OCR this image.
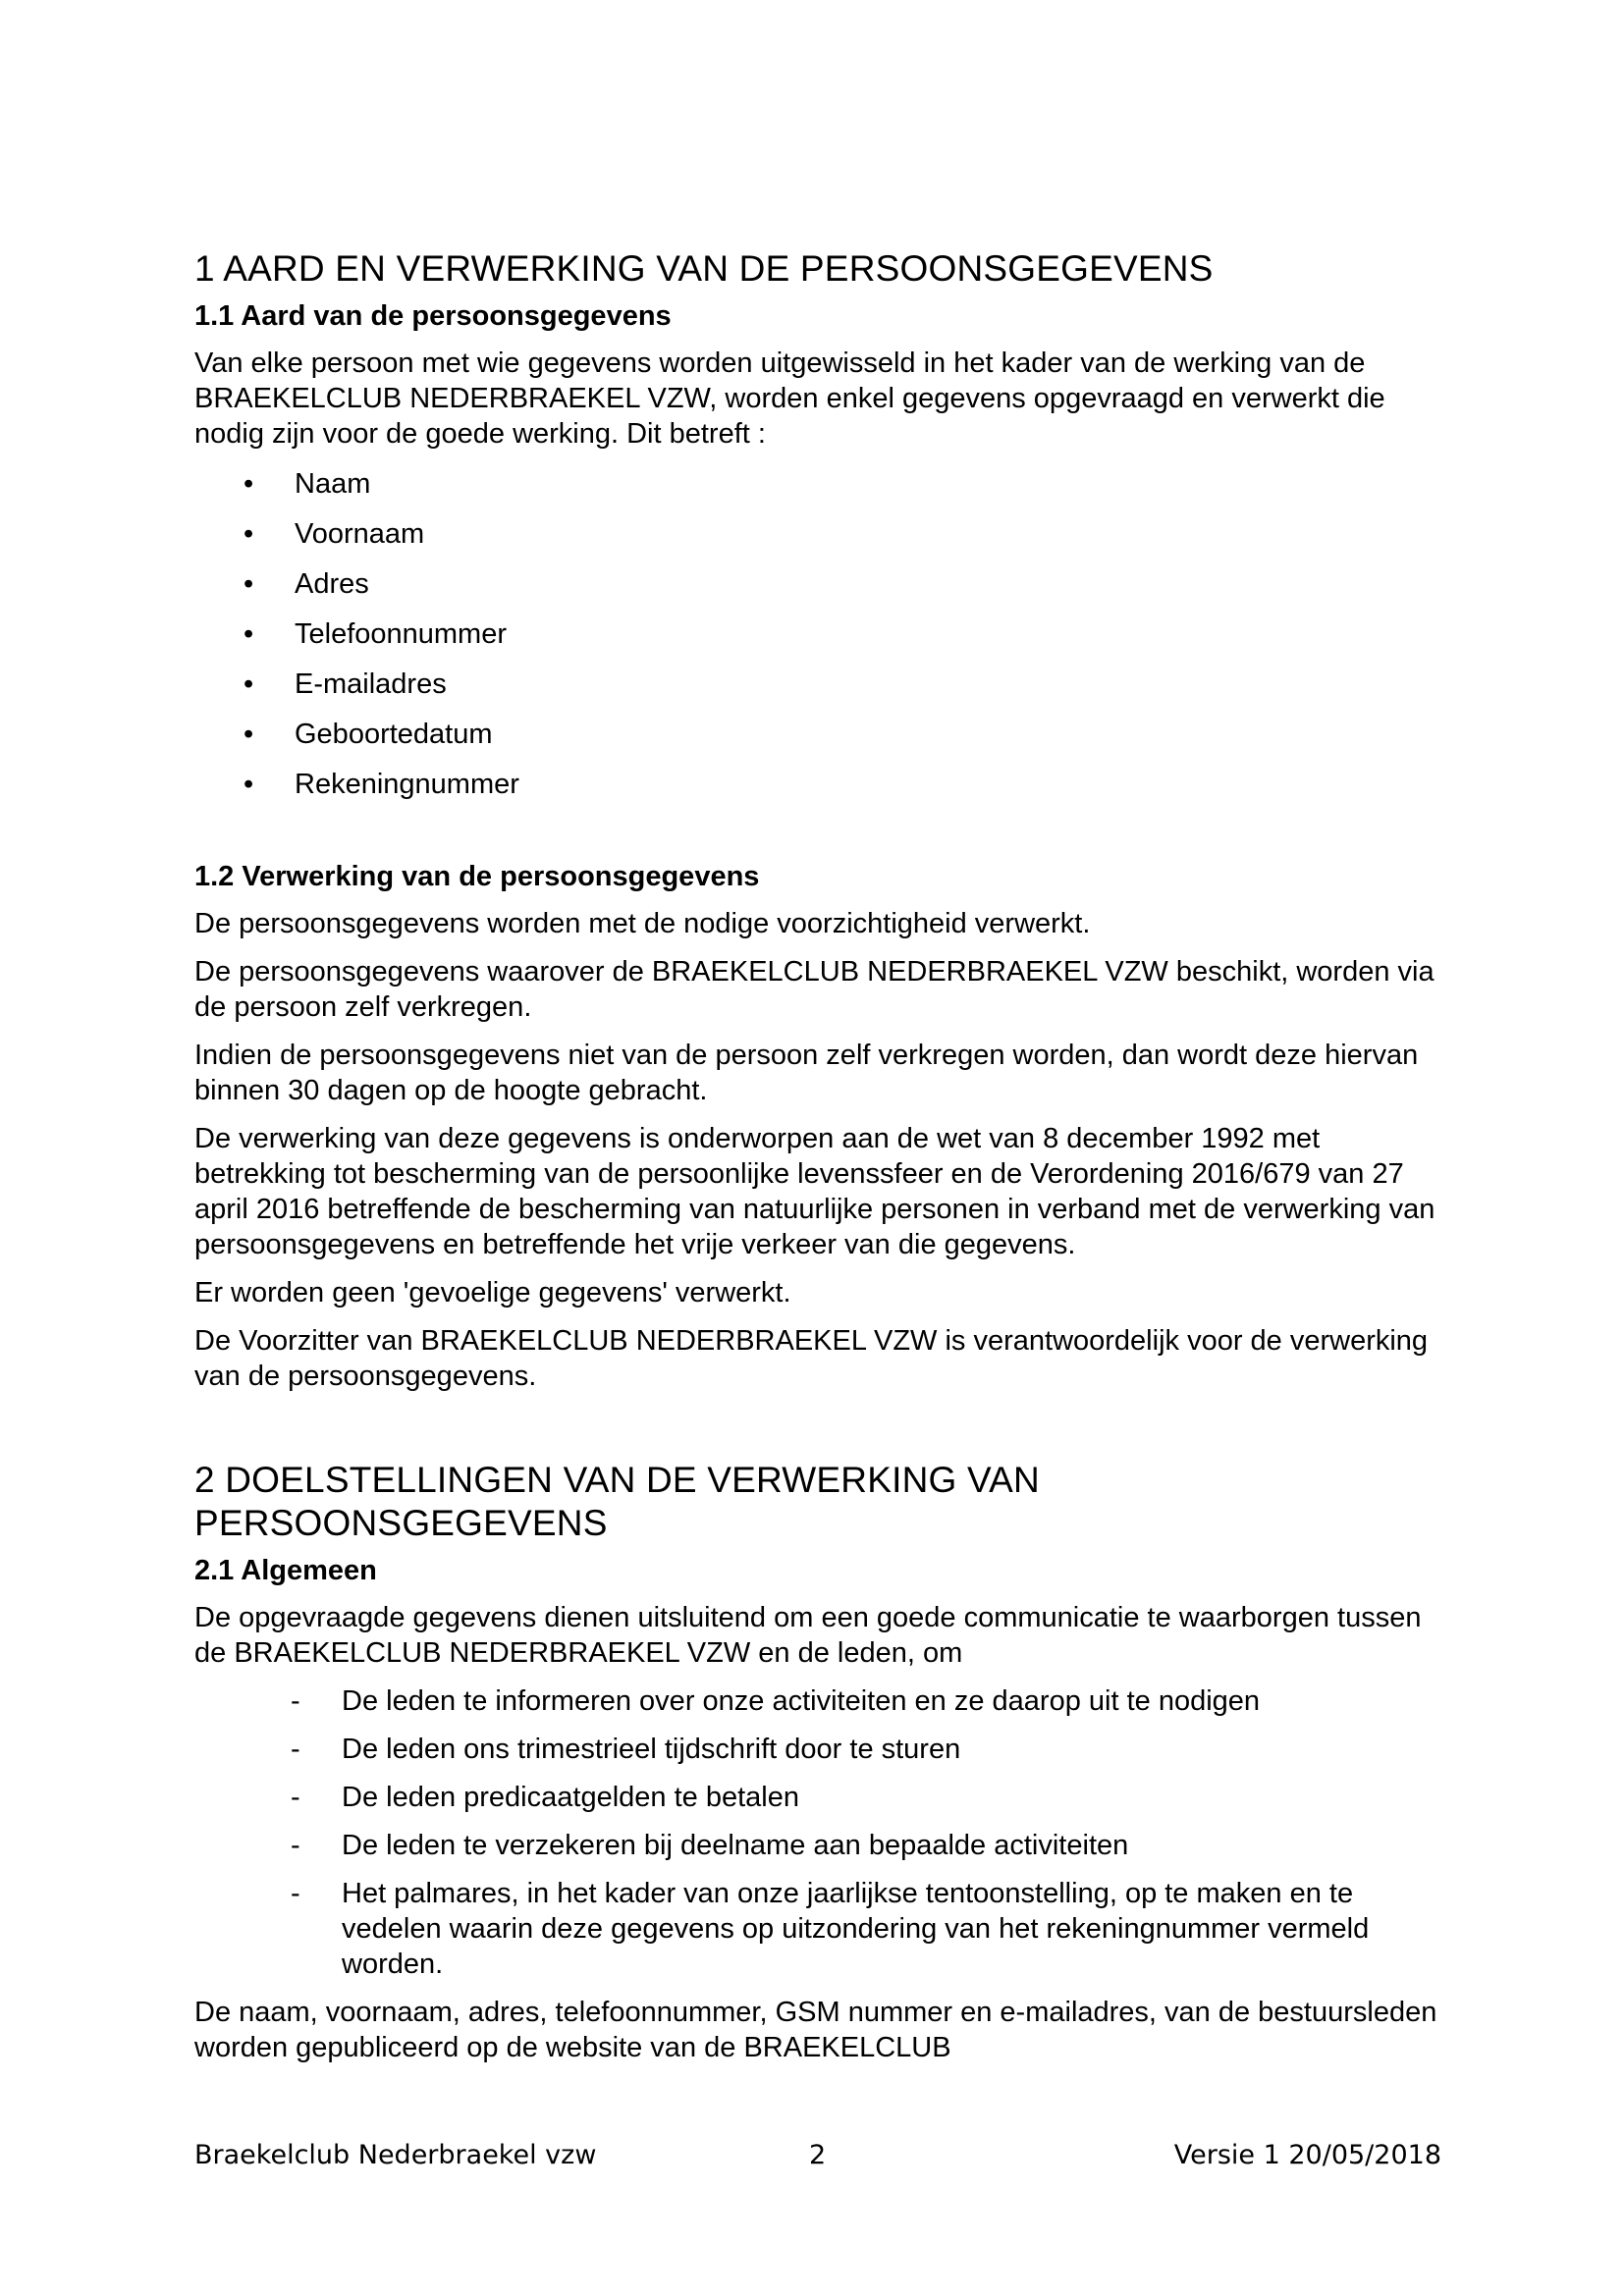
1 AARD EN VERWERKING VAN DE PERSOONSGEGEVENS
1.1 Aard van de persoonsgegevens

Van elke persoon met wie gegevens worden uitgewisseld in het kader van de werking van de BRAEKELCLUB NEDERBRAEKEL VZW, worden enkel gegevens opgevraagd en verwerkt die nodig zijn voor de goede werking. Dit betreft :

• Naam
• Voornaam
• Adres
• Telefoonnummer
• E-mailadres
• Geboortedatum
• Rekeningnummer
1.2 Verwerking van de persoonsgegevens

De persoonsgegevens worden met de nodige voorzichtigheid verwerkt.

De persoonsgegevens waarover de BRAEKELCLUB NEDERBRAEKEL VZW beschikt, worden via de persoon zelf verkregen.

Indien de persoonsgegevens niet van de persoon zelf verkregen worden, dan wordt deze hiervan binnen 30 dagen op de hoogte gebracht.

De verwerking van deze gegevens is onderworpen aan de wet van 8 december 1992 met betrekking tot bescherming van de persoonlijke levenssfeer en de Verordening 2016/679 van 27 april 2016 betreffende de bescherming van natuurlijke personen in verband met de verwerking van persoonsgegevens en betreffende het vrije verkeer van die gegevens.

Er worden geen 'gevoelige gegevens' verwerkt.

De Voorzitter van BRAEKELCLUB NEDERBRAEKEL VZW is verantwoordelijk voor de verwerking van de persoonsgegevens.

2 DOELSTELLINGEN VAN DE VERWERKING VAN
PERSOONSGEGEVENS
2.1 Algemeen

De opgevraagde gegevens dienen uitsluitend om een goede communicatie te waarborgen tussen de BRAEKELCLUB NEDERBRAEKEL VZW en de leden, om

- De leden te informeren over onze activiteiten en ze daarop uit te nodigen
- De leden ons trimestrieel tijdschrift door te sturen
- De leden predicaatgelden te betalen
- De leden te verzekeren bij deelname aan bepaalde activiteiten
- Het palmares, in het kader van onze jaarlijkse tentoonstelling, op te maken en te vedelen waarin deze gegevens op uitzondering van het rekeningnummer vermeld worden.

De naam, voornaam, adres, telefoonnummer, GSM nummer en e-mailadres, van de bestuursleden worden gepubliceerd op de website van de BRAEKELCLUB

Braekelclub Nederbraekel vzw	2	Versie 1 20/05/2018
